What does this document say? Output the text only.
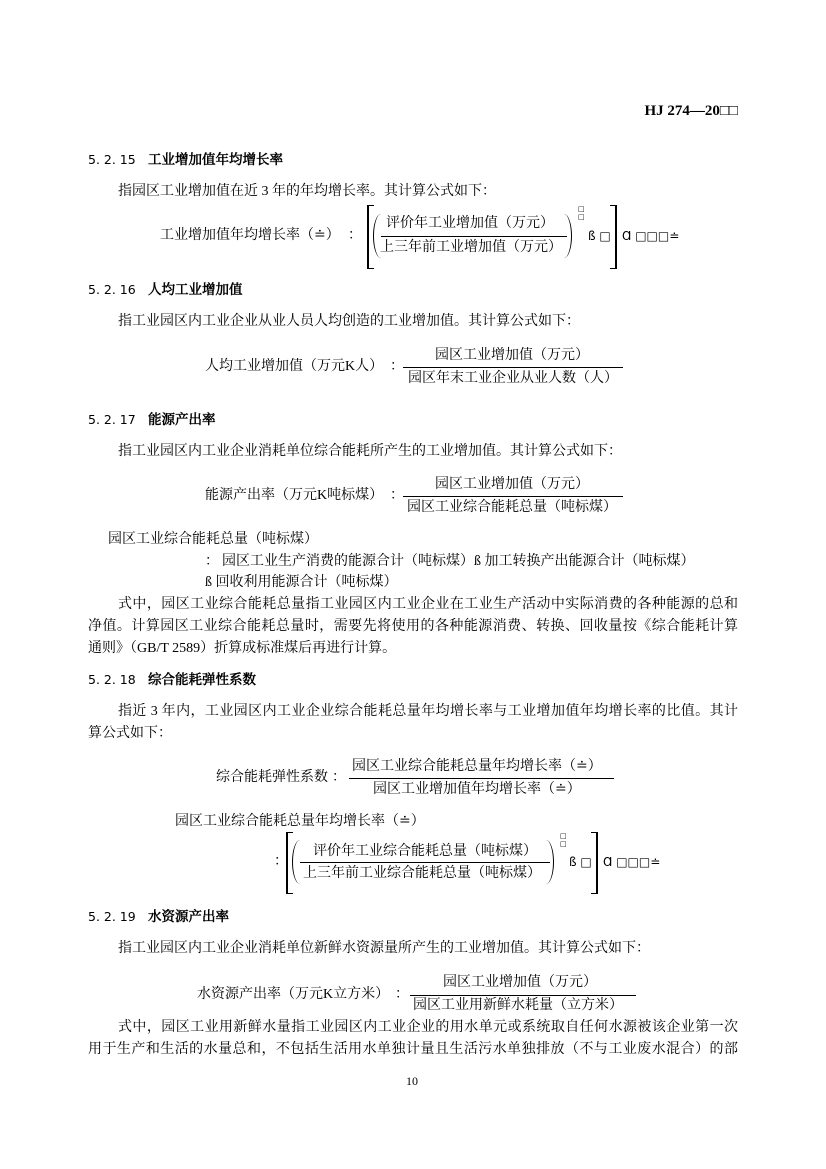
HJ 274—20□□
5. 2. 15 工业增加值年均增长率
指园区工业增加值在近 3 年的年均增长率。其计算公式如下：
工业增加值年均增长率（≐） ：
评价年工业增加值（万元）
上三年前工业增加值（万元）
□
□
ß □ Ɑ □□□≐
5. 2. 16 人均工业增加值
指工业园区内工业企业从业人员人均创造的工业增加值。其计算公式如下：
人均工业增加值（万元K人） ：
园区工业增加值（万元）
园区年末工业企业从业人数（人）
5. 2. 17 能源产出率
指工业园区内工业企业消耗单位综合能耗所产生的工业增加值。其计算公式如下：
能源产出率（万元K吨标煤） ：
园区工业增加值（万元）
园区工业综合能耗总量（吨标煤）
园区工业综合能耗总量（吨标煤）
： 园区工业生产消费的能源合计（吨标煤）ß 加工转换产出能源合计（吨标煤）
ß 回收利用能源合计（吨标煤）
式中，园区工业综合能耗总量指工业园区内工业企业在工业生产活动中实际消费的各种能源的总和
净值。计算园区工业综合能耗总量时，需要先将使用的各种能源消费、转换、回收量按《综合能耗计算
通则》（GB/T 2589）折算成标准煤后再进行计算。
5. 2. 18 综合能耗弹性系数
指近 3 年内，工业园区内工业企业综合能耗总量年均增长率与工业增加值年均增长率的比值。其计
算公式如下：
综合能耗弹性系数 ：
园区工业综合能耗总量年均增长率（≐）
园区工业增加值年均增长率（≐）
园区工业综合能耗总量年均增长率（≐）
：
评价年工业综合能耗总量（吨标煤）
上三年前工业综合能耗总量（吨标煤）
□
□
ß □ Ɑ □□□≐
5. 2. 19 水资源产出率
指工业园区内工业企业消耗单位新鲜水资源量所产生的工业增加值。其计算公式如下：
水资源产出率（万元K立方米） ：
园区工业增加值（万元）
园区工业用新鲜水耗量（立方米）
式中，园区工业用新鲜水量指工业园区内工业企业的用水单元或系统取自任何水源被该企业第一次
用于生产和生活的水量总和，不包括生活用水单独计量且生活污水单独排放（不与工业废水混合）的部
10
